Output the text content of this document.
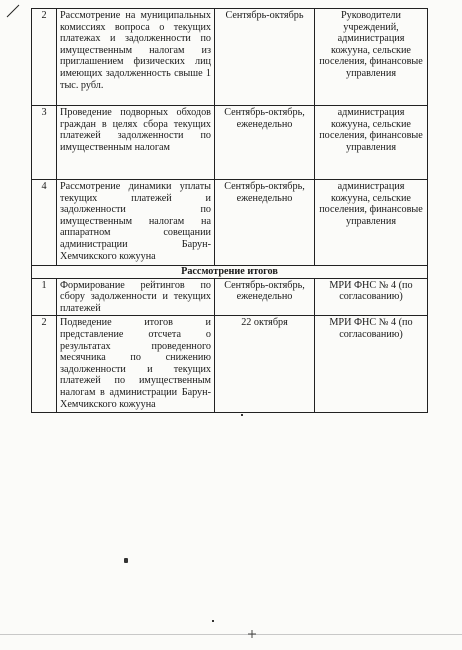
2	Рассмотрение на муниципальных комиссиях вопроса о текущих платежах и задолженности по имущественным налогам из приглашением физических лиц имеющих задолженность свыше 1 тыс. рубл.	Сентябрь-октябрь	Руководители учреждений, администрация кожууна, сельские поселения, финансовые управления
3	Проведение подворных обходов граждан в целях сбора текущих платежей задолженности по имущественным налогам	Сентябрь-октябрь, еженедельно	администрация кожууна, сельские поселения, финансовые управления
4	Рассмотрение динамики уплаты текущих платежей и задолженности по имущественным налогам на аппаратном совещании администрации Барун-Хемчикского кожууна	Сентябрь-октябрь, еженедельно	администрация кожууна, сельские поселения, финансовые управления
Рассмотрение итогов			
1	Формирование рейтингов по сбору задолженности и текущих платежей	Сентябрь-октябрь, еженедельно	МРИ ФНС № 4 (по согласованию)
2	Подведение итогов и представление отсчета о результатах проведенного месячника по снижению задолженности и текущих платежей по имущественным налогам в администрации Барун-Хемчикского кожууна	22 октября	МРИ ФНС № 4 (по согласованию)
